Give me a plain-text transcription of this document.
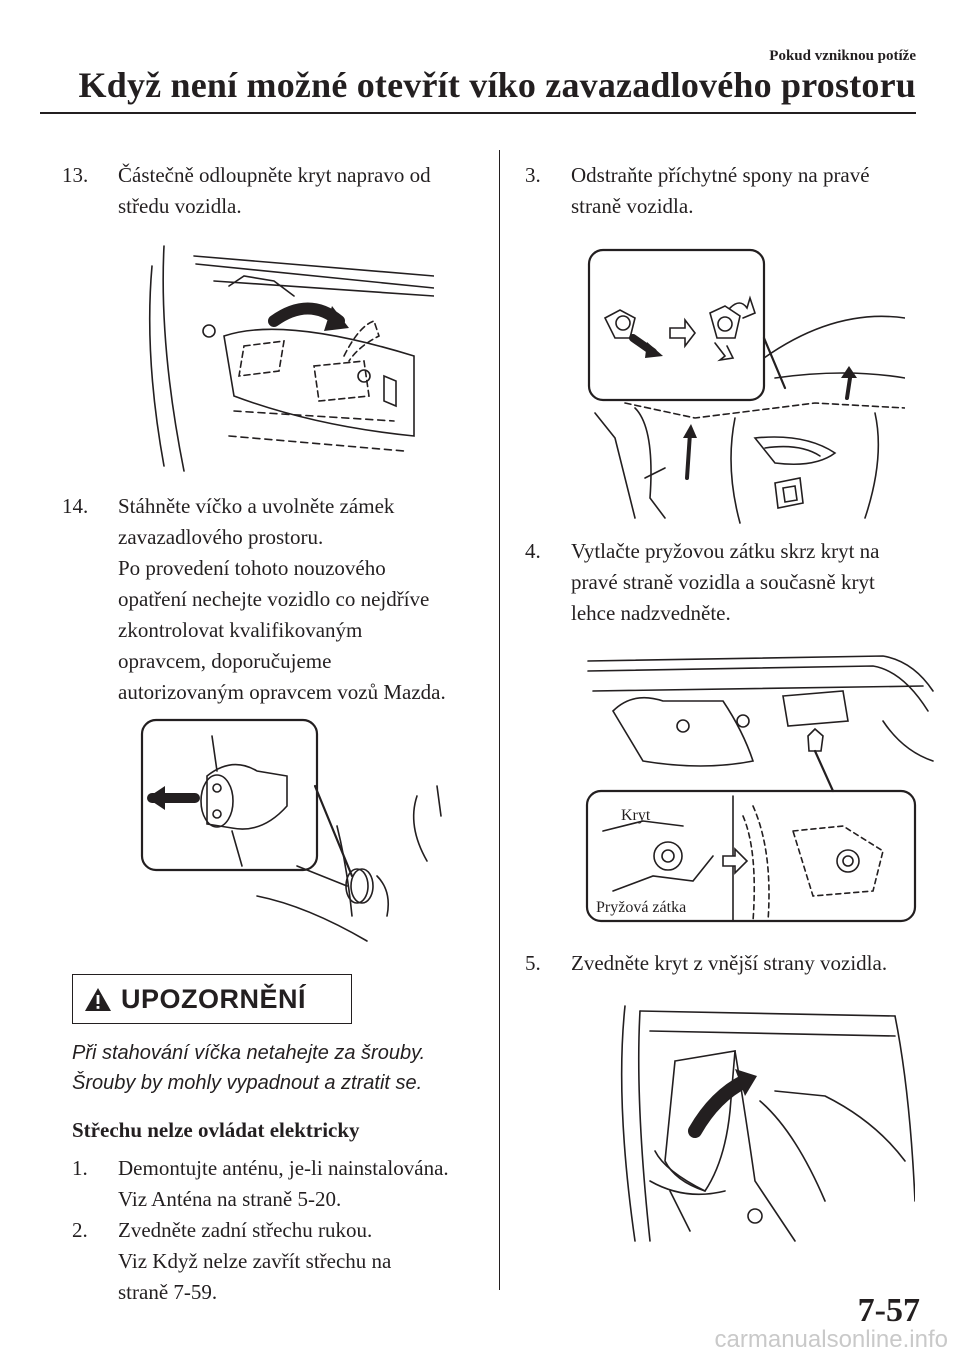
Pokud vzniknou potíže
Když není možné otevřít víko zavazadlového prostoru

13. Částečně odloupněte kryt napravo od
středu vozidla.

14. Stáhněte víčko a uvolněte zámek
zavazadlového prostoru.
Po provedení tohoto nouzového
opatření nechejte vozidlo co nejdříve
zkontrolovat kvalifikovaným
opravcem, doporučujeme
autorizovaným opravcem vozů Mazda.

UPOZORNĚNÍ

Při stahování víčka netahejte za šrouby.
Šrouby by mohly vypadnout a ztratit se.

Střechu nelze ovládat elektricky

1. Demontujte anténu, je-li nainstalována.
Viz Anténa na straně 5-20.

2. Zvedněte zadní střechu rukou.
Viz Když nelze zavřít střechu na
straně 7-59.

3. Odstraňte příchytné spony na pravé
straně vozidla.

4. Vytlačte pryžovou zátku skrz kryt na
pravé straně vozidla a současně kryt
lehce nadzvedněte.

Kryt
Pryžová zátka

5. Zvedněte kryt z vnější strany vozidla.

7-57
carmanualsonline.info
